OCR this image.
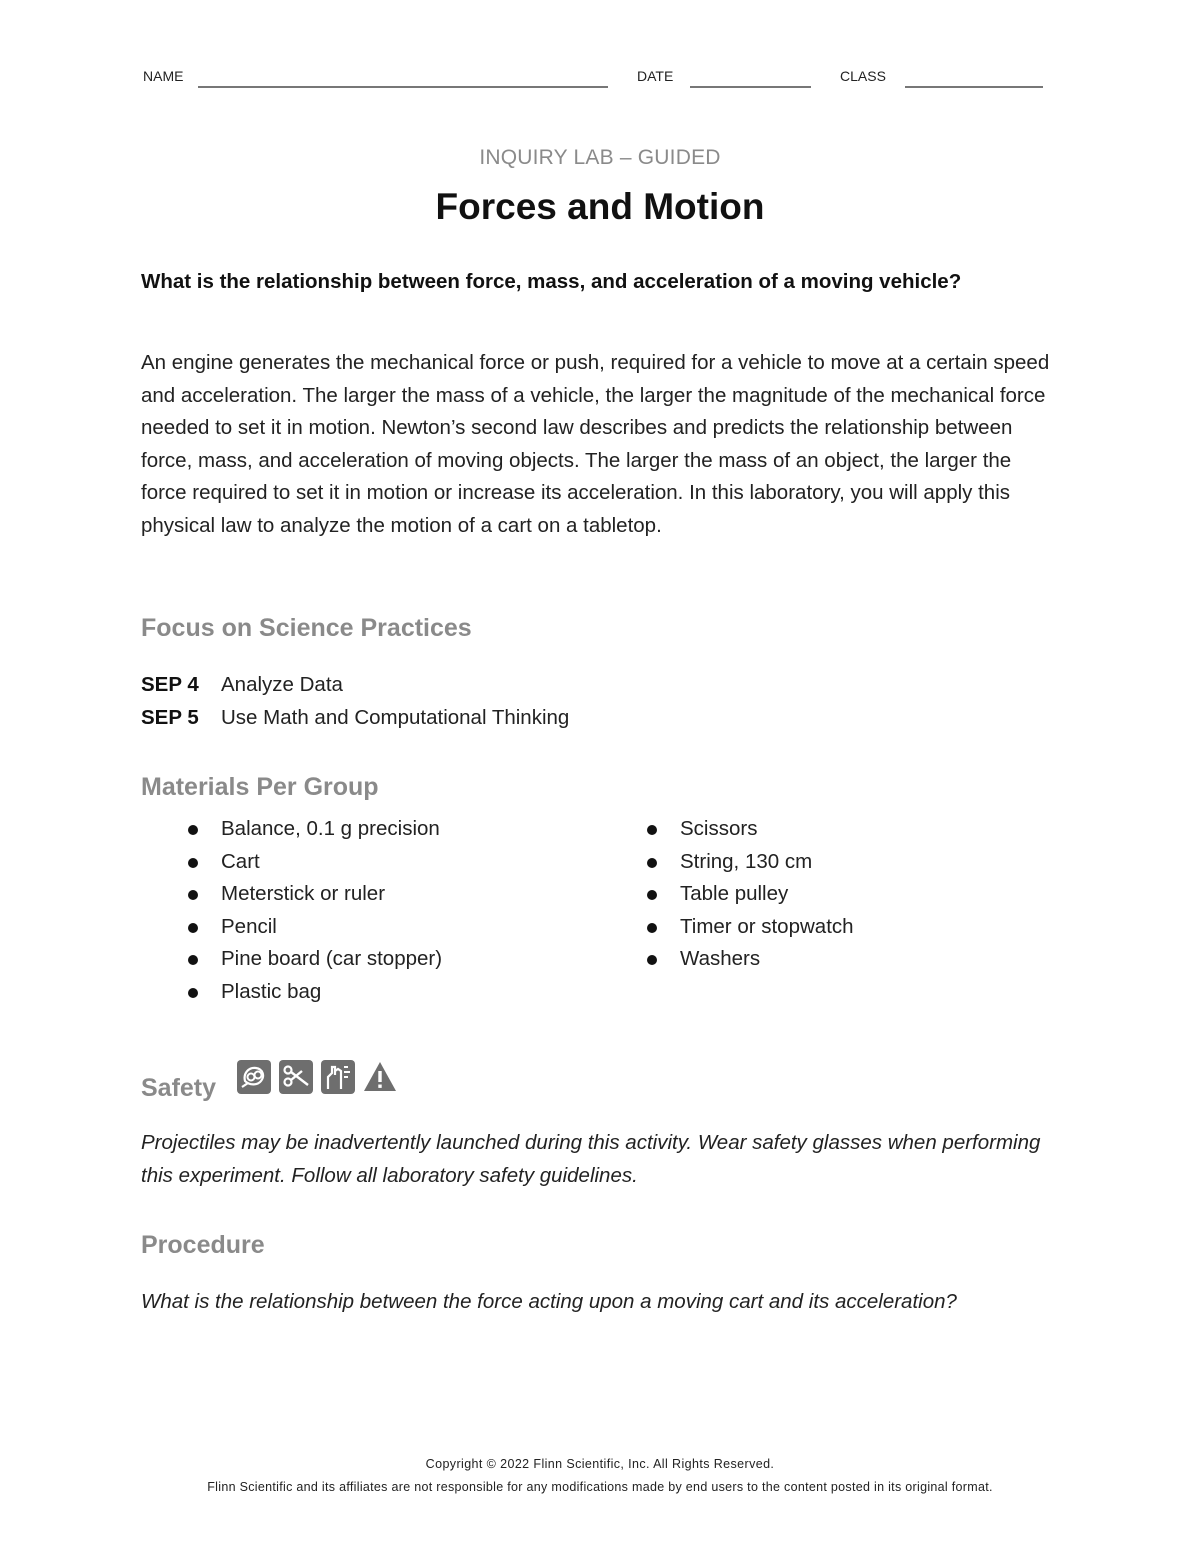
NAME	DATE	CLASS
INQUIRY LAB – GUIDED
Forces and Motion
What is the relationship between force, mass, and acceleration of a moving vehicle?
An engine generates the mechanical force or push, required for a vehicle to move at a certain speed and acceleration. The larger the mass of a vehicle, the larger the magnitude of the mechanical force needed to set it in motion. Newton’s second law describes and predicts the relationship between force, mass, and acceleration of moving objects. The larger the mass of an object, the larger the force required to set it in motion or increase its acceleration. In this laboratory, you will apply this physical law to analyze the motion of a cart on a tabletop.
Focus on Science Practices
SEP 4 Analyze Data
SEP 5 Use Math and Computational Thinking
Materials Per Group
Balance, 0.1 g precision
Cart
Meterstick or ruler
Pencil
Pine board (car stopper)
Plastic bag
Scissors
String, 130 cm
Table pulley
Timer or stopwatch
Washers
Safety
Projectiles may be inadvertently launched during this activity. Wear safety glasses when performing this experiment. Follow all laboratory safety guidelines.
Procedure
What is the relationship between the force acting upon a moving cart and its acceleration?
Copyright © 2022 Flinn Scientific, Inc. All Rights Reserved.
Flinn Scientific and its affiliates are not responsible for any modifications made by end users to the content posted in its original format.
